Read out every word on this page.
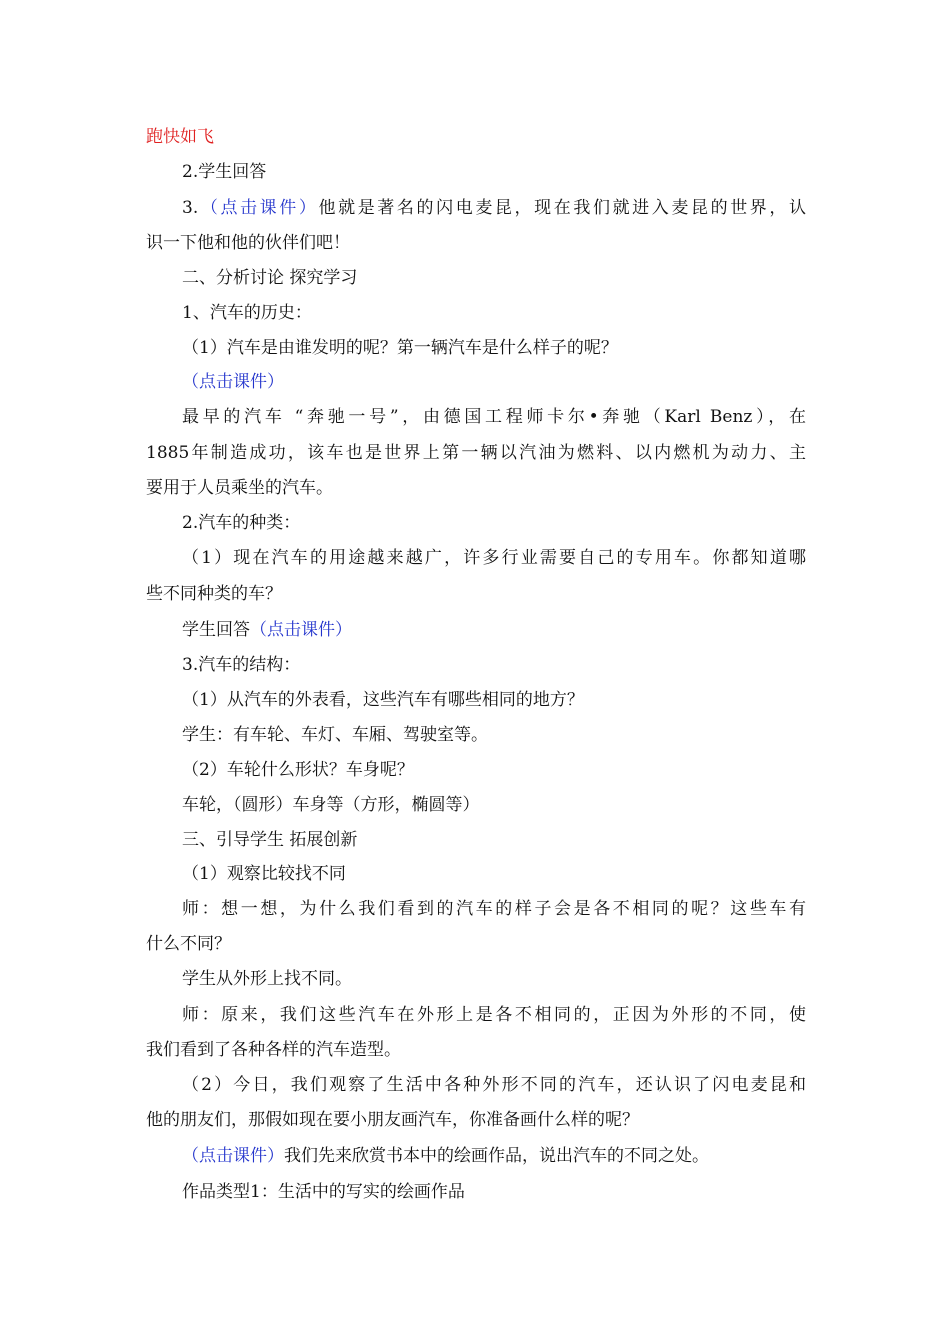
跑快如飞
2.学生回答
3.（点击课件）他就是著名的闪电麦昆，现在我们就进入麦昆的世界，认
识一下他和他的伙伴们吧！
二、分析讨论 探究学习
1、汽车的历史：
（1）汽车是由谁发明的呢？第一辆汽车是什么样子的呢？
（点击课件）
最早的汽车 “奔驰一号”，由德国工程师卡尔•奔驰（Karl Benz），在
1885年制造成功，该车也是世界上第一辆以汽油为燃料、以内燃机为动力、主
要用于人员乘坐的汽车。
2.汽车的种类：
（1）现在汽车的用途越来越广，许多行业需要自己的专用车。你都知道哪
些不同种类的车？
学生回答（点击课件）
3.汽车的结构：
（1）从汽车的外表看，这些汽车有哪些相同的地方？
学生：有车轮、车灯、车厢、驾驶室等。
（2）车轮什么形状？车身呢？
车轮，（圆形）车身等（方形，椭圆等）
三、引导学生 拓展创新
（1）观察比较找不同
师：想一想，为什么我们看到的汽车的样子会是各不相同的呢？这些车有
什么不同？
学生从外形上找不同。
师：原来，我们这些汽车在外形上是各不相同的，正因为外形的不同，使
我们看到了各种各样的汽车造型。
（2）今日，我们观察了生活中各种外形不同的汽车，还认识了闪电麦昆和
他的朋友们，那假如现在要小朋友画汽车，你准备画什么样的呢？
（点击课件）我们先来欣赏书本中的绘画作品，说出汽车的不同之处。
作品类型1：生活中的写实的绘画作品
